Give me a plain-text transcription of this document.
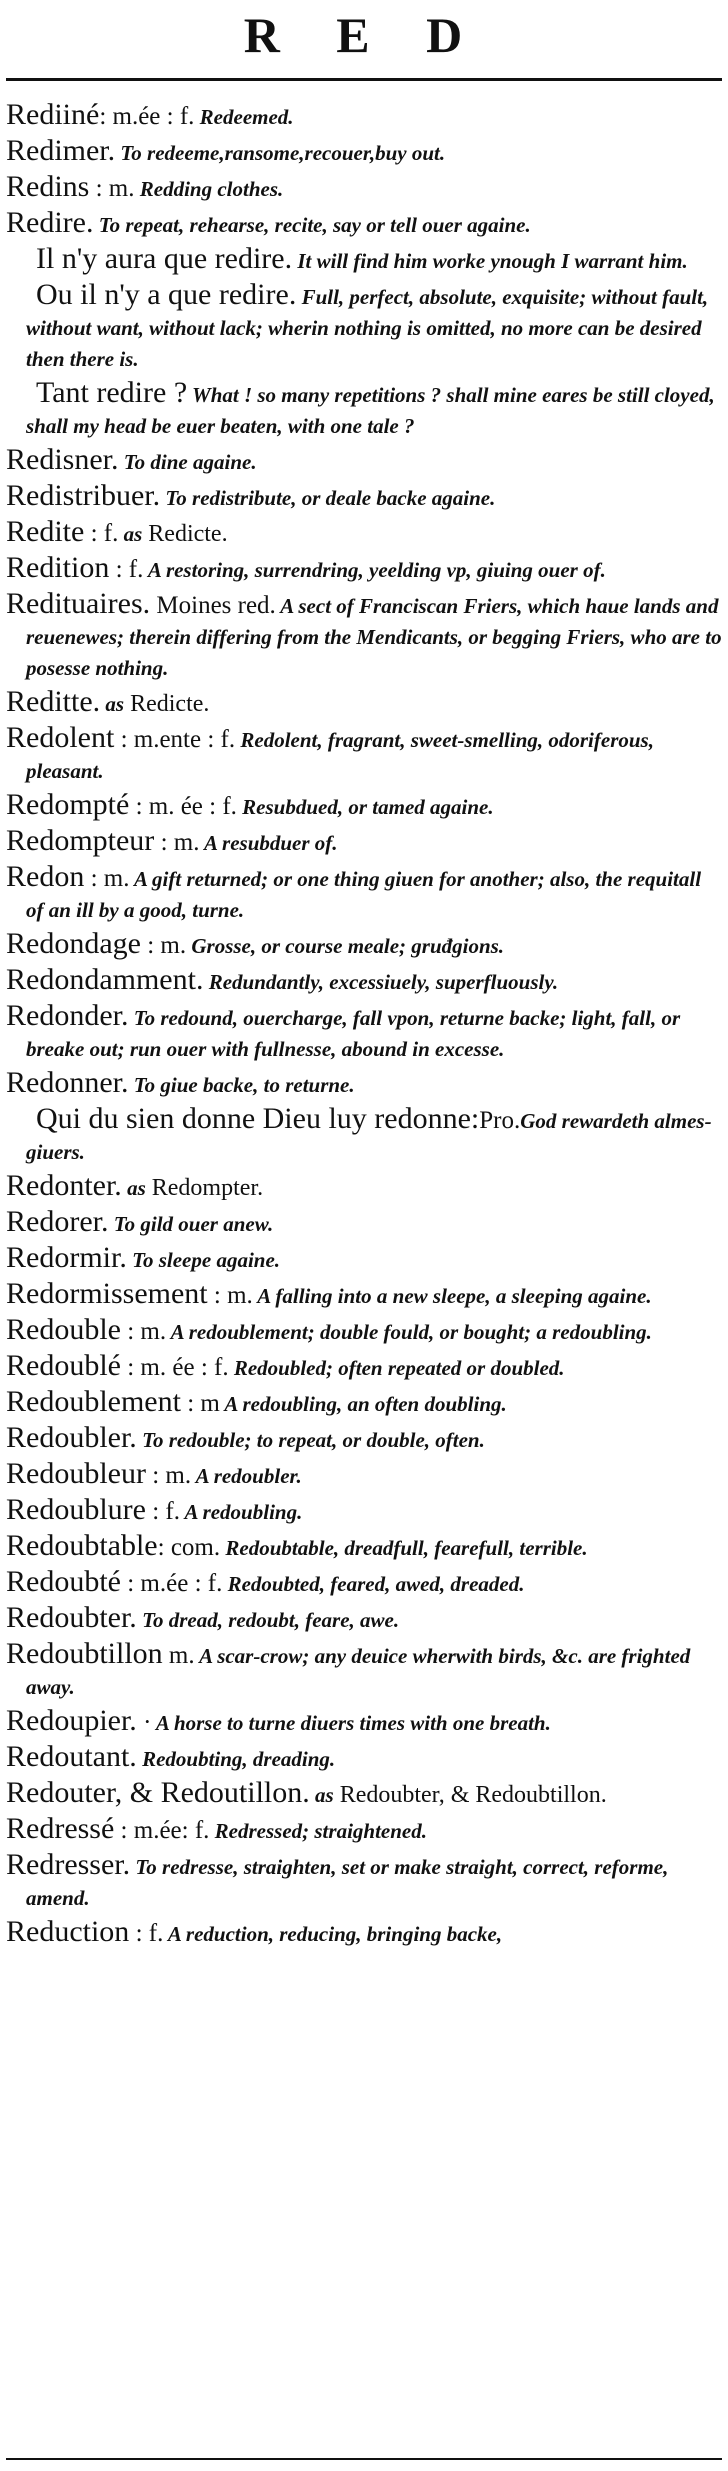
R E D
Rediiné: m.ée : f. Redeemed.
Redimer. To redeeme,ransome,recouer,buy out.
Redins : m. Redding clothes.
Redire. To repeat, rehearse, recite, say or tell ouer againe.
Il n'y aura que redire. It will find him worke ynough I warrant him.
Ou il n'y a que redire. Full, perfect, absolute, exquisite; without fault, without want, without lack; wherin nothing is omitted, no more can be desired then there is.
Tant redire ? What ! so many repetitions ? shall mine eares be still cloyed, shall my head be euer beaten, with one tale ?
Redisner. To dine againe.
Redistribuer. To redistribute, or deale backe againe.
Redite : f. as Redicte.
Redition : f. A restoring, surrendring, yeelding vp, giuing ouer of.
Redituaires. Moines red. A sect of Franciscan Friers, which haue lands and reuenewes; therein differing from the Mendicants, or begging Friers, who are to posesse nothing.
Reditte. as Redicte.
Redolent : m.ente : f. Redolent, fragrant, sweet-smelling, odoriferous, pleasant.
Redompté : m. ée : f. Resubdued, or tamed againe.
Redompteur : m. A resubduer of.
Redon : m. A gift returned; or one thing giuen for another; also, the requitall of an ill by a good, turne.
Redondage : m. Grosse, or course meale; gruđgions.
Redondamment. Redundantly, excessiuely, superfluously.
Redonder. To redound, ouercharge, fall vpon, returne backe; light, fall, or breake out; run ouer with fullnesse, abound in excesse.
Redonner. To giue backe, to returne.
Qui du sien donne Dieu luy redonne:Pro.God rewardeth almes-giuers.
Redonter. as Redompter.
Redorer. To gild ouer anew.
Redormir. To sleepe againe.
Redormissement : m. A falling into a new sleepe, a sleeping againe.
Redouble : m. A redoublement; double fould, or bought; a redoubling.
Redoublé : m. ée : f. Redoubled; often repeated or doubled.
Redoublement : m A redoubling, an often doubling.
Redoubler. To redouble; to repeat, or double, often.
Redoubleur : m. A redoubler.
Redoublure : f. A redoubling.
Redoubtable: com. Redoubtable, dreadfull, fearefull, terrible.
Redoubté : m.ée : f. Redoubted, feared, awed, dreaded.
Redoubter. To dread, redoubt, feare, awe.
Redoubtillon m. A scar-crow; any deuice wherwith birds, &c. are frighted away.
Redoupier. · A horse to turne diuers times with one breath.
Redoutant. Redoubting, dreading.
Redouter, & Redoutillon. as Redoubter, & Redoubtillon.
Redressé : m.ée: f. Redressed; straightened.
Redresser. To redresse, straighten, set or make straight, correct, reforme, amend.
Reduction : f. A reduction, reducing, bringing backe,
